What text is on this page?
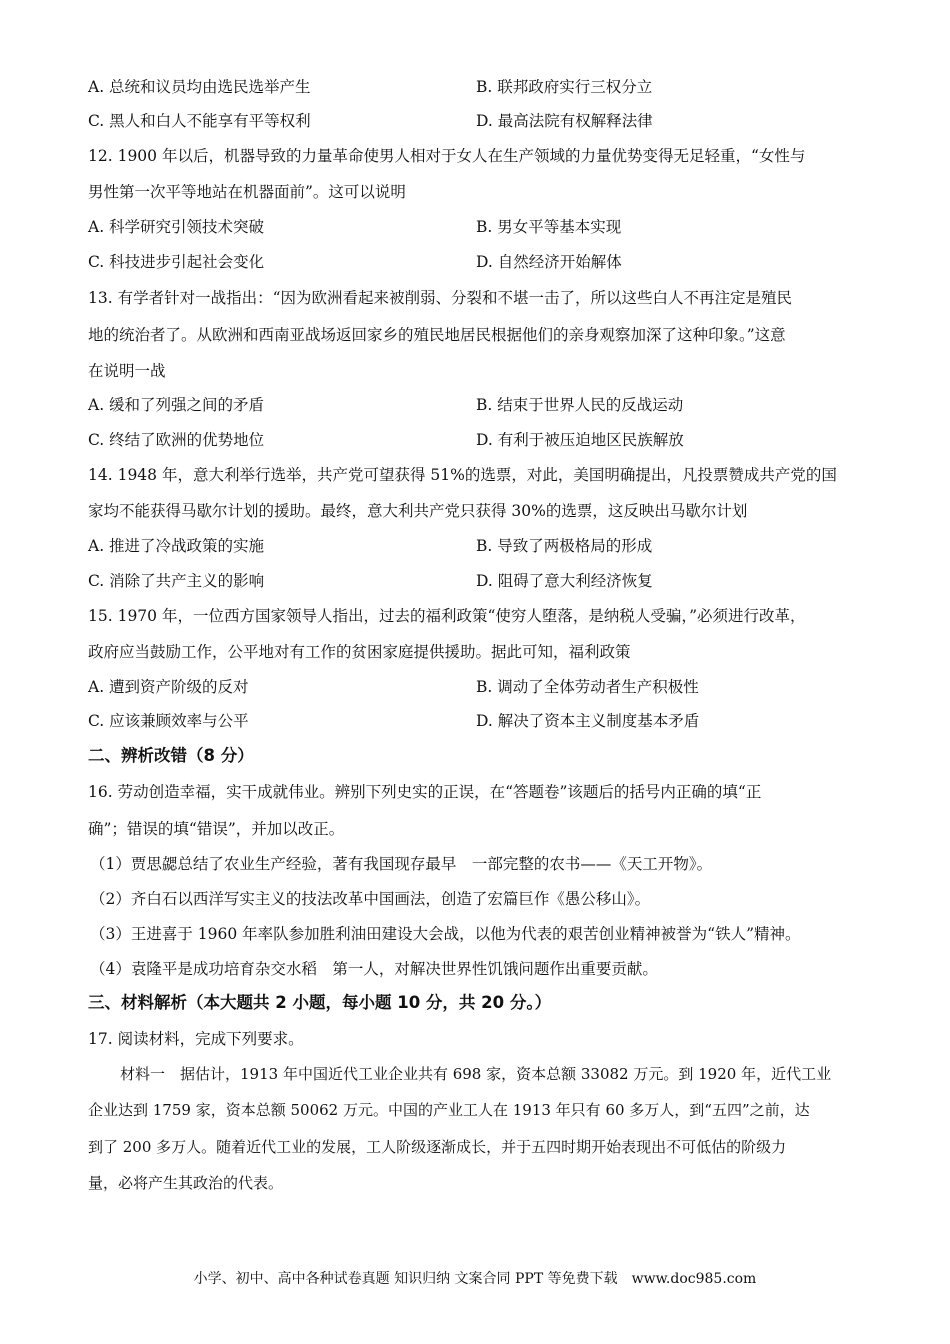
A. 总统和议员均由选民选举产生	B. 联邦政府实行三权分立
C. 黑人和白人不能享有平等权利	D. 最高法院有权解释法律
12. 1900 年以后，机器导致的力量革命使男人相对于女人在生产领域的力量优势变得无足轻重，“女性与
男性第一次平等地站在机器面前”。这可以说明
A. 科学研究引领技术突破	B. 男女平等基本实现
C. 科技进步引起社会变化	D. 自然经济开始解体
13. 有学者针对一战指出：“因为欧洲看起来被削弱、分裂和不堪一击了，所以这些白人不再注定是殖民
地的统治者了。从欧洲和西南亚战场返回家乡的殖民地居民根据他们的亲身观察加深了这种印象。”这意
在说明一战
A. 缓和了列强之间的矛盾	B. 结束于世界人民的反战运动
C. 终结了欧洲的优势地位	D. 有利于被压迫地区民族解放
14. 1948 年，意大利举行选举，共产党可望获得 51%的选票，对此，美国明确提出，凡投票赞成共产党的国
家均不能获得马歇尔计划的援助。最终，意大利共产党只获得 30%的选票，这反映出马歇尔计划
A. 推进了冷战政策的实施	B. 导致了两极格局的形成
C. 消除了共产主义的影响	D. 阻碍了意大利经济恢复
15. 1970 年，一位西方国家领导人指出，过去的福利政策“使穷人堕落，是纳税人受骗，”必须进行改革，
政府应当鼓励工作，公平地对有工作的贫困家庭提供援助。据此可知，福利政策
A. 遭到资产阶级的反对	B. 调动了全体劳动者生产积极性
C. 应该兼顾效率与公平	D. 解决了资本主义制度基本矛盾
二、辨析改错（8 分）
16. 劳动创造幸福，实干成就伟业。辨别下列史实的正误，在“答题卷”该题后的括号内正确的填“正
确”；错误的填“错误”，并加以改正。
（1）贾思勰总结了农业生产经验，著有我国现存最早　一部完整的农书——《天工开物》。
（2）齐白石以西洋写实主义的技法改革中国画法，创造了宏篇巨作《愚公移山》。
（3）王进喜于 1960 年率队参加胜利油田建设大会战，以他为代表的艰苦创业精神被誉为“铁人”精神。
（4）袁隆平是成功培育杂交水稻　第一人，对解决世界性饥饿问题作出重要贡献。
三、材料解析（本大题共 2 小题，每小题 10 分，共 20 分。）
17. 阅读材料，完成下列要求。
材料一　据估计，1913 年中国近代工业企业共有 698 家，资本总额 33082 万元。到 1920 年，近代工业
企业达到 1759 家，资本总额 50062 万元。中国的产业工人在 1913 年只有 60 多万人，到“五四”之前，达
到了 200 多万人。随着近代工业的发展，工人阶级逐渐成长，并于五四时期开始表现出不可低估的阶级力
量，必将产生其政治的代表。
小学、初中、高中各种试卷真题 知识归纳 文案合同 PPT 等免费下载　www.doc985.com
